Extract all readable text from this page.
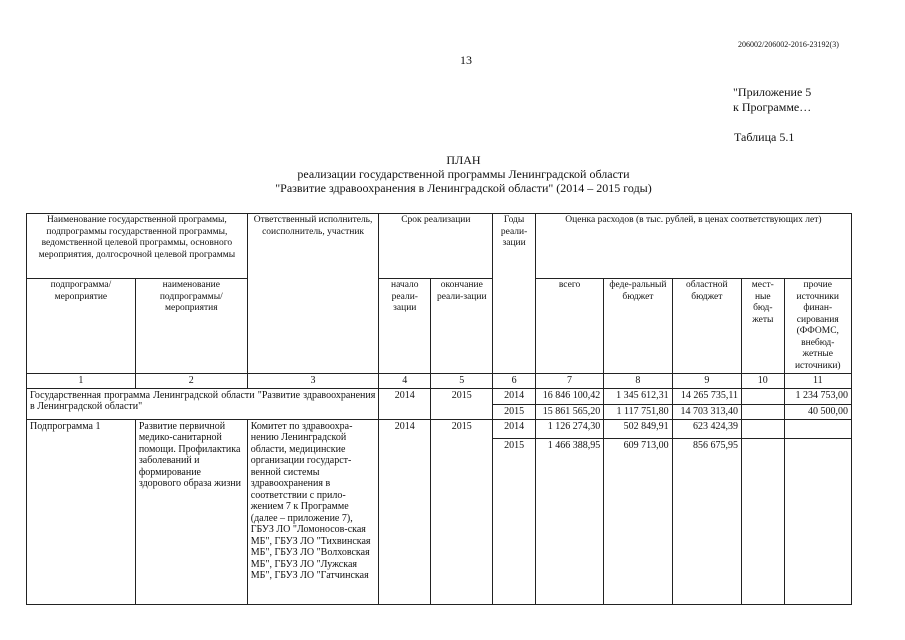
206002/206002-2016-23192(3)
13
"Приложение 5
к Программе…
Таблица 5.1
ПЛАН
реализации государственной программы Ленинградской области
"Развитие здравоохранения в Ленинградской области" (2014 – 2015 годы)
Наименование государственной программы, подпрограммы государственной программы, ведомственной целевой программы, основного мероприятия, долгосрочной целевой программы		Ответственный исполнитель, соисполнитель, участник	Срок реализации		Годы реали-зации	Оценка расходов (в тыс. рублей, в ценах соответствующих лет)				
подпрограмма/ мероприятие	наименование подпрограммы/ мероприятия		начало реали-зации	окончание реали-зации		всего	феде-ральный бюджет	областной бюджет	мест-ные бюд-жеты	прочие источники финан-сирования (ФФОМС, внебюд-жетные источники)
1	2	3	4	5	6	7	8	9	10	11

Государственная программа Ленинградской области "Развитие здравоохранения в Ленинградской области"			2014	2015	2014	16 846 100,42	1 345 612,31	14 265 735,11		1 234 753,00
					2015	15 861 565,20	1 117 751,80	14 703 313,40		40 500,00
Подпрограмма 1	Развитие первичной медико-санитарной помощи. Профилактика заболеваний и формирование здорового образа жизни	Комитет по здравоохра-нению Ленинградской области, медицинские организации государст-венной системы здравоохранения в соответствии с прило-жением 7 к Программе (далее – приложение 7), ГБУЗ ЛО "Ломоносов-ская МБ", ГБУЗ ЛО "Тихвинская МБ", ГБУЗ ЛО "Волховская МБ", ГБУЗ ЛО "Лужская МБ", ГБУЗ ЛО "Гатчинская	2014	2015	2014	1 126 274,30	502 849,91	623 424,39		
					2015	1 466 388,95	609 713,00	856 675,95		
